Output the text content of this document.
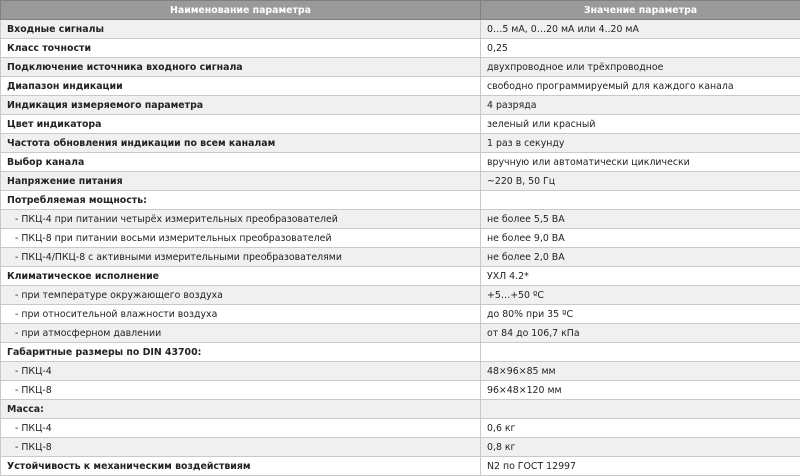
Наименование параметра	Значение параметра
Входные сигналы	0…5 мА, 0…20 мА или 4..20 мА
Класс точности	0,25
Подключение источника входного сигнала	двухпроводное или трёхпроводное
Диапазон индикации	свободно программируемый для каждого канала
Индикация измеряемого параметра	4 разряда
Цвет индикатора	зеленый или красный
Частота обновления индикации по всем каналам	1 раз в секунду
Выбор канала	вручную или автоматически циклически
Напряжение питания	~220 В, 50 Гц
Потребляемая мощность:	
- ПКЦ-4 при питании четырёх измерительных преобразователей	не более 5,5 ВА
- ПКЦ-8 при питании восьми измерительных преобразователей	не более 9,0 ВА
- ПКЦ-4/ПКЦ-8 с активными измерительными преобразователями	не более 2,0 ВА
Климатическое исполнение	УХЛ 4.2*
- при температуре окружающего воздуха	+5…+50 ºС
- при относительной влажности воздуха	до 80% при 35 ºС
- при атмосферном давлении	от 84 до 106,7 кПа
Габаритные размеры по DIN 43700:	
- ПКЦ-4	48×96×85 мм
- ПКЦ-8	96×48×120 мм
Масса:	
- ПКЦ-4	0,6 кг
- ПКЦ-8	0,8 кг
Устойчивость к механическим воздействиям	N2 по ГОСТ 12997
